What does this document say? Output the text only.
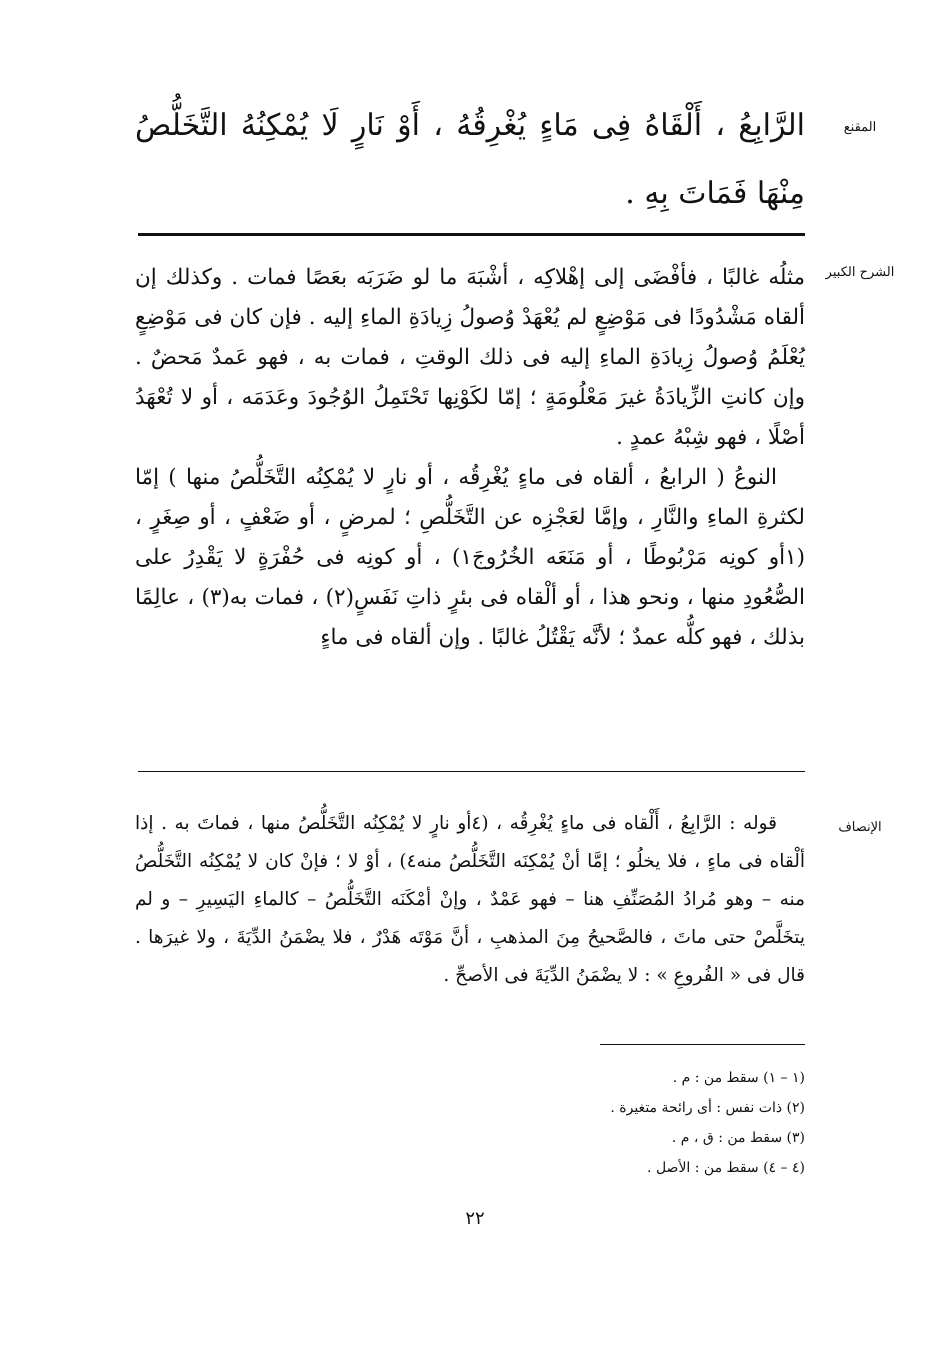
المقنع

الرَّابِعُ ، أَلْقَاهُ فِى مَاءٍ يُغْرِقُهُ ، أَوْ نَارٍ لَا يُمْكِنُهُ التَّخَلُّصُ مِنْهَا فَمَاتَ بِهِ .

الشرح الكبير

مثلُه غالبًا ، فأفْضَى إلى إهْلاكِه ، أشْبَهَ ما لو ضَرَبَه بعَصًا فمات . وكذلك إن ألقاه مَشْدُودًا فى مَوْضِعٍ لم يُعْهَدْ وُصولُ زِيادَةِ الماءِ إليه . فإن كان فى مَوْضِعٍ يُعْلَمُ وُصولُ زِيادَةِ الماءِ إليه فى ذلك الوقتِ ، فمات به ، فهو عَمدٌ مَحضٌ . وإن كانتِ الزِّيادَةُ غيرَ مَعْلُومَةٍ ؛ إمّا لكَوْنِها تَحْتَمِلُ الوُجُودَ وعَدَمَه ، أو لا تُعْهَدُ أصْلًا ، فهو شِبْهُ عمدٍ .

النوعُ ( الرابعُ ، ألقاه فى ماءٍ يُغْرِقُه ، أو نارٍ لا يُمْكِنُه التَّخَلُّصُ منها ) إمّا لكثرةِ الماءِ والنَّارِ ، وإمَّا لعَجْزِه عن التَّخَلُّصِ ؛ لمرضٍ ، أو ضَعْفٍ ، أو صِغَرٍ ، (١أو كونِه مَرْبُوطًا ، أو مَنَعَه الخُرُوجَ١) ، أو كونِه فى حُفْرَةٍ لا يَقْدِرُ على الصُّعُودِ منها ، ونحو هذا ، أو ألْقاه فى بئرٍ ذاتِ نَفَسٍ(٢) ، فمات به(٣) ، عالِمًا بذلك ، فهو كلُّه عمدٌ ؛ لأنَّه يَقْتُلُ غالبًا . وإن ألقاه فى ماءٍ

الإنصاف

قوله : الرَّابِعُ ، أَلْقاه فى ماءٍ يُغْرِقُه ، (٤أو نارٍ لا يُمْكِنُه التَّخَلُّصُ منها ، فماتَ به . إذا ألْقاه فى ماءٍ ، فلا يخلُو ؛ إمَّا أنْ يُمْكِنَه التَّخَلُّصُ منه٤) ، أوْ لا ؛ فإنْ كان لا يُمْكِنُه التَّخَلُّصُ منه – وهو مُرادُ المُصَنِّفِ هنا – فهو عَمْدٌ ، وإنْ أمْكَنَه التَّخَلُّصُ – كالماءِ اليَسِيرِ – و لم يتخَلَّصْ حتى ماتَ ، فالصَّحيحُ مِنَ المذهبِ ، أنَّ مَوْتَه هَدْرٌ ، فلا يضْمَنُ الدِّيَةَ ، ولا غيرَها . قال فى « الفُروعِ » : لا يضْمَنُ الدِّيَةَ فى الأصحِّ .

(١ – ١) سقط من : م .
(٢) ذات نفس : أى رائحة متغيرة .
(٣) سقط من : ق ، م .
(٤ – ٤) سقط من : الأصل .
٢٢
